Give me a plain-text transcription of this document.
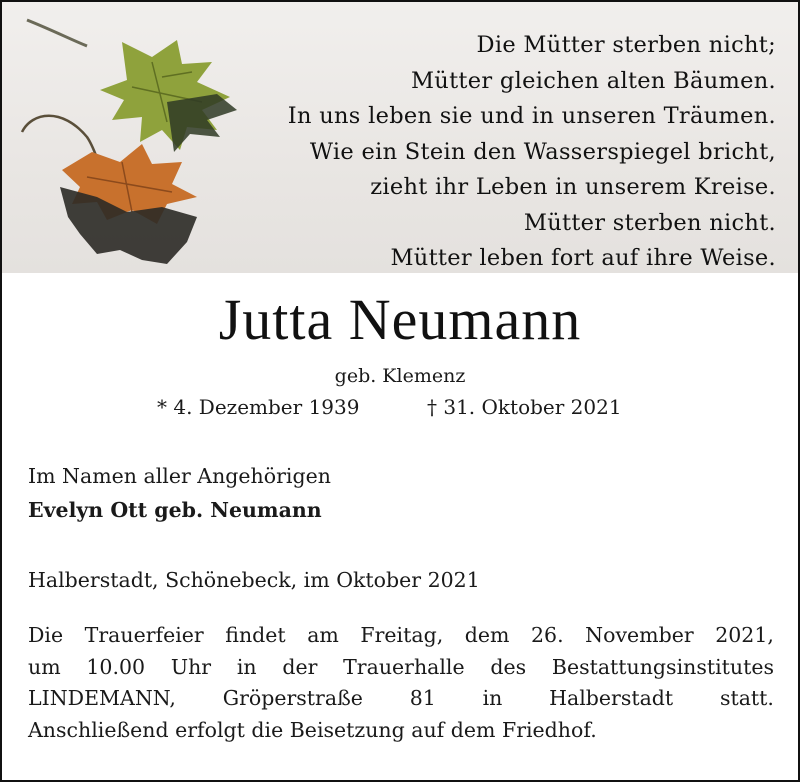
Die Mütter sterben nicht;
Mütter gleichen alten Bäumen.
In uns leben sie und in unseren Träumen.
Wie ein Stein den Wasserspiegel bricht,
zieht ihr Leben in unserem Kreise.
Mütter sterben nicht.
Mütter leben fort auf ihre Weise.
Jutta Neumann
geb. Klemenz
* 4. Dezember 1939	† 31. Oktober 2021
Im Namen aller Angehörigen
Evelyn Ott geb. Neumann
Halberstadt, Schönebeck, im Oktober 2021
Die Trauerfeier findet am Freitag, dem 26. November 2021,
um 10.00 Uhr in der Trauerhalle des Bestattungsinstitutes
LINDEMANN, Gröperstraße 81 in Halberstadt statt.
Anschließend erfolgt die Beisetzung auf dem Friedhof.
